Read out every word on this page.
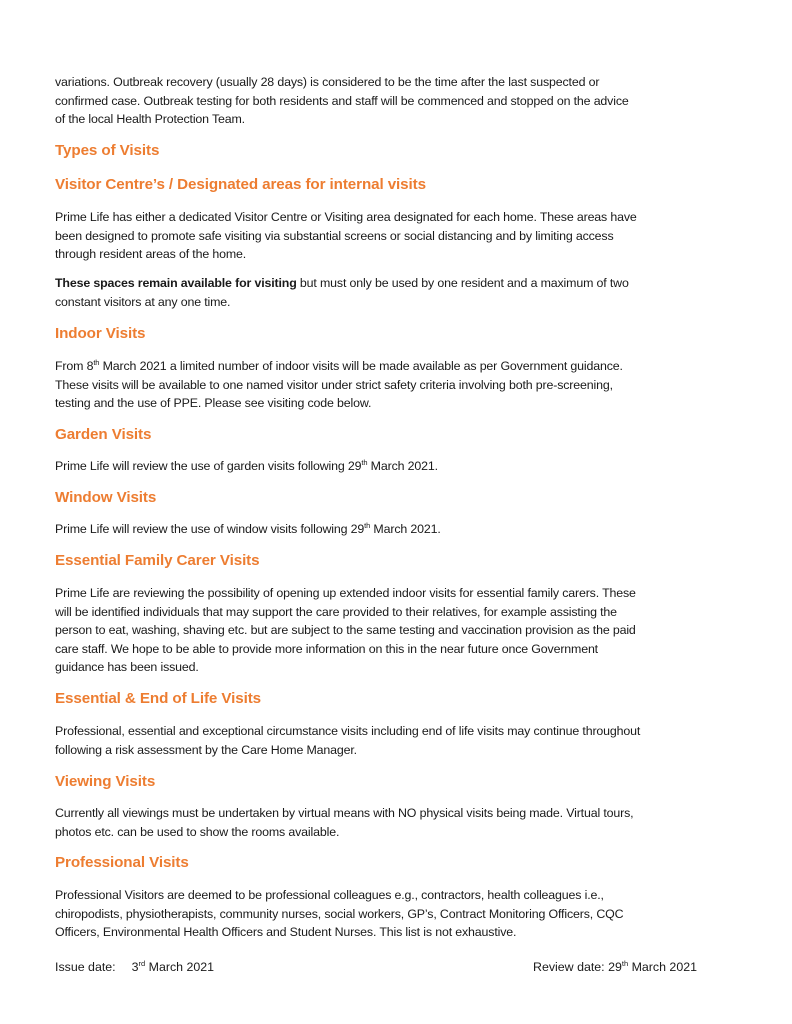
variations. Outbreak recovery (usually 28 days) is considered to be the time after the last suspected or

confirmed case. Outbreak testing for both residents and staff will be commenced and stopped on the advice

of the local Health Protection Team.

Types of Visits
Visitor Centre’s / Designated areas for internal visits

Prime Life has either a dedicated Visitor Centre or Visiting area designated for each home. These areas have

been designed to promote safe visiting via substantial screens or social distancing and by limiting access

through resident areas of the home.

These spaces remain available for visiting but must only be used by one resident and a maximum of two

constant visitors at any one time.

Indoor Visits

From 8th March 2021 a limited number of indoor visits will be made available as per Government guidance.

These visits will be available to one named visitor under strict safety criteria involving both pre-screening,

testing and the use of PPE. Please see visiting code below.

Garden Visits

Prime Life will review the use of garden visits following 29th March 2021.

Window Visits

Prime Life will review the use of window visits following 29th March 2021.

Essential Family Carer Visits

Prime Life are reviewing the possibility of opening up extended indoor visits for essential family carers. These

will be identified individuals that may support the care provided to their relatives, for example assisting the

person to eat, washing, shaving etc. but are subject to the same testing and vaccination provision as the paid

care staff. We hope to be able to provide more information on this in the near future once Government

guidance has been issued.

Essential & End of Life Visits

Professional, essential and exceptional circumstance visits including end of life visits may continue throughout

following a risk assessment by the Care Home Manager.

Viewing Visits

Currently all viewings must be undertaken by virtual means with NO physical visits being made. Virtual tours,

photos etc. can be used to show the rooms available.

Professional Visits

Professional Visitors are deemed to be professional colleagues e.g., contractors, health colleagues i.e.,

chiropodists, physiotherapists, community nurses, social workers, GP’s, Contract Monitoring Officers, CQC

Officers, Environmental Health Officers and Student Nurses. This list is not exhaustive.

Issue date: 3rd March 2021	Review date: 29th March 2021
